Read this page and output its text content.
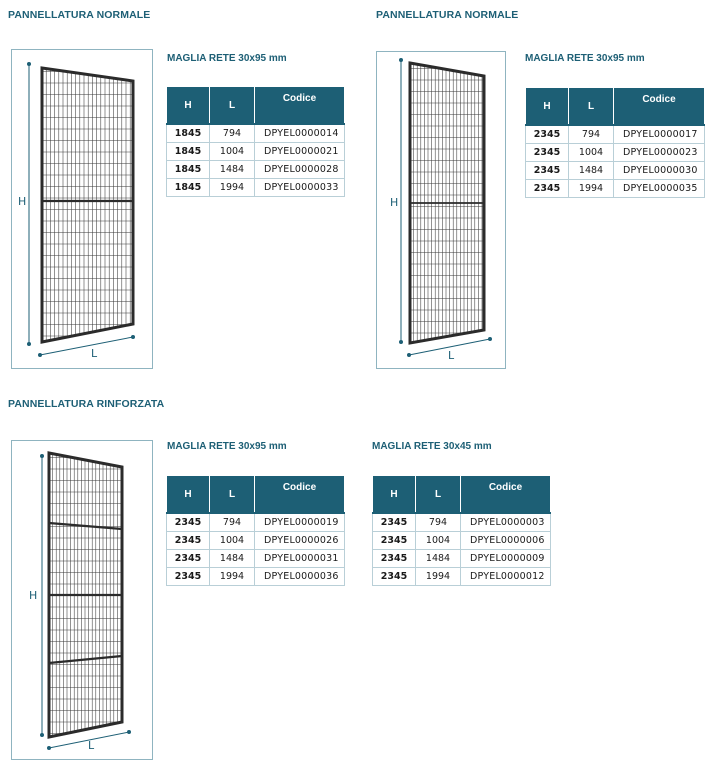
PANNELLATURA NORMALE
H
L
MAGLIA RETE 30x95 mm
H	L	Codice
1845	794	DPYEL0000014
1845	1004	DPYEL0000021
1845	1484	DPYEL0000028
1845	1994	DPYEL0000033
PANNELLATURA NORMALE
H
L
MAGLIA RETE 30x95 mm
H	L	Codice
2345	794	DPYEL0000017
2345	1004	DPYEL0000023
2345	1484	DPYEL0000030
2345	1994	DPYEL0000035
PANNELLATURA RINFORZATA
H
L
MAGLIA RETE 30x95 mm
H	L	Codice
2345	794	DPYEL0000019
2345	1004	DPYEL0000026
2345	1484	DPYEL0000031
2345	1994	DPYEL0000036
MAGLIA RETE 30x45 mm
H	L	Codice
2345	794	DPYEL0000003
2345	1004	DPYEL0000006
2345	1484	DPYEL0000009
2345	1994	DPYEL0000012
